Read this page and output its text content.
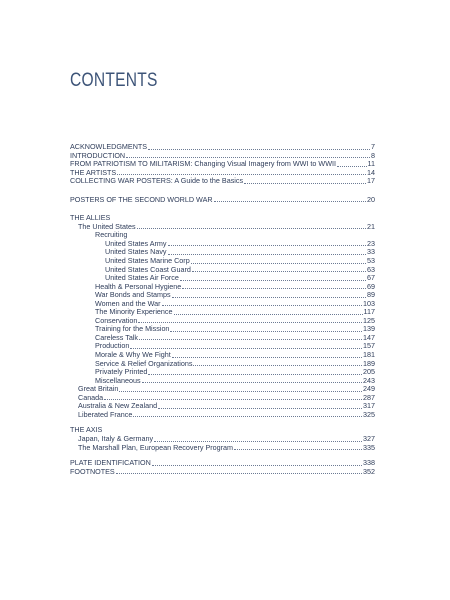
CONTENTS
ACKNOWLEDGMENTS	7
INTRODUCTION	8
FROM PATRIOTISM TO MILITARISM: Changing Visual Imagery from WWI to WWII	11
THE ARTISTS	14
COLLECTING WAR POSTERS: A Guide to the Basics	17
POSTERS OF THE SECOND WORLD WAR	20
THE ALLIES
The United States	21
Recruiting
United States Army	23
United States Navy	33
United States Marine Corp	53
United States Coast Guard	63
United States Air Force	67
Health & Personal Hygiene	69
War Bonds and Stamps	89
Women and the War	103
The Minority Experience	117
Conservation	125
Training for the Mission	139
Careless Talk	147
Production	157
Morale & Why We Fight	181
Service & Relief Organizations	189
Privately Printed	205
Miscellaneous	243
Great Britain	249
Canada	287
Australia & New Zealand	317
Liberated France	325
THE AXIS
Japan, Italy & Germany	327
The Marshall Plan, European Recovery Program	335
PLATE IDENTIFICATION	338
FOOTNOTES	352
